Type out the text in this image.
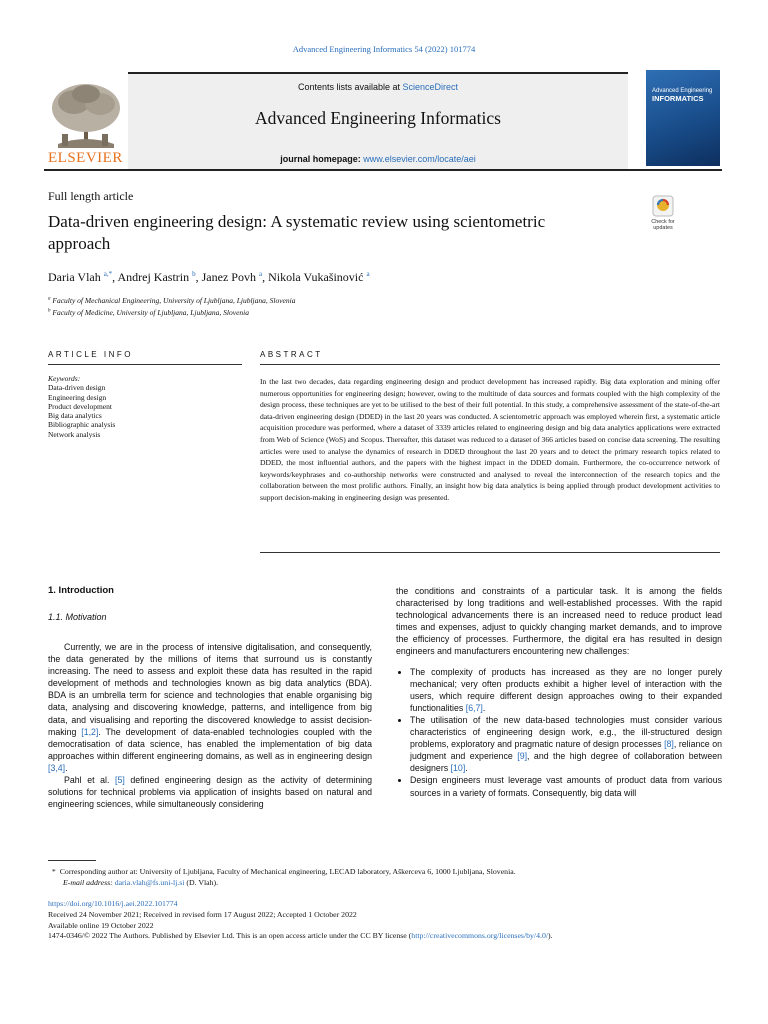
Advanced Engineering Informatics 54 (2022) 101774
ELSEVIER
Contents lists available at ScienceDirect
Advanced Engineering Informatics
journal homepage: www.elsevier.com/locate/aei
Advanced Engineering
INFORMATICS
Full length article
Data-driven engineering design: A systematic review using scientometric approach
Check for updates
Daria Vlah $^{a,*}$, Andrej Kastrin $^b$, Janez Povh $^a$, Nikola Vukašinović $^a$
$^a$ Faculty of Mechanical Engineering, University of Ljubljana, Ljubljana, Slovenia
$^b$ Faculty of Medicine, University of Ljubljana, Ljubljana, Slovenia
ARTICLE INFO
Keywords:
Data-driven design
Engineering design
Product development
Big data analytics
Bibliographic analysis
Network analysis
ABSTRACT
In the last two decades, data regarding engineering design and product development has increased rapidly. Big data exploration and mining offer numerous opportunities for engineering design; however, owing to the multitude of data sources and formats coupled with the high complexity of the design process, these techniques are yet to be utilised to the best of their full potential. In this study, a comprehensive assessment of the state-of-the-art data-driven engineering design (DDED) in the last 20 years was conducted. A scientometric approach was employed wherein first, a systematic article acquisition procedure was performed, where a dataset of 3339 articles related to engineering design and big data analytics applications were extracted from Web of Science (WoS) and Scopus. Thereafter, this dataset was reduced to a dataset of 366 articles based on concise data screening. The resulting articles were used to analyse the dynamics of research in DDED throughout the last 20 years and to detect the primary research topics related to DDED, the most influential authors, and the papers with the highest impact in the DDED domain. Furthermore, the co-occurrence network of keywords/keyphrases and co-authorship networks were constructed and analysed to reveal the interconnection of the research topics and the collaboration between the most prolific authors. Finally, an insight how big data analytics is being applied through product development activities to support decision-making in engineering design was presented.
1. Introduction
1.1. Motivation

Currently, we are in the process of intensive digitalisation, and consequently, the data generated by the millions of items that surround us is constantly increasing. The need to assess and exploit these data has resulted in the rapid development of methods and technologies known as big data analytics (BDA). BDA is an umbrella term for science and technologies that enable organising big data, analysing and discovering knowledge, patterns, and intelligence from big data, and visualising and reporting the discovered knowledge to assist decision-making [1,2]. The development of data-enabled technologies coupled with the democratisation of data science, has enabled the implementation of big data approaches within different engineering domains, as well as in engineering design [3,4].

Pahl et al. [5] defined engineering design as the activity of determining solutions for technical problems via application of insights based on natural and engineering sciences, while simultaneously considering

the conditions and constraints of a particular task. It is among the fields characterised by long traditions and well-established processes. With the rapid technological advancements there is an increased need to reduce product lead times and expenses, adjust to quickly changing market demands, and to improve the efficiency of processes. Furthermore, the digital era has resulted in design engineers and manufacturers encountering new challenges:

• The complexity of products has increased as they are no longer purely mechanical; very often products exhibit a higher level of interaction with the users, which require different design approaches owing to their expanded functionalities [6,7].
• The utilisation of the new data-based technologies must consider various characteristics of engineering design work, e.g., the ill-structured design problems, exploratory and pragmatic nature of design processes [8], reliance on judgment and experience [9], and the high degree of collaboration between designers [10].
• Design engineers must leverage vast amounts of product data from various sources in a variety of formats. Consequently, big data will
* Corresponding author at: University of Ljubljana, Faculty of Mechanical engineering, LECAD laboratory, Aškerceva 6, 1000 Ljubljana, Slovenia.
E-mail address: daria.vlah@fs.uni-lj.si (D. Vlah).
https://doi.org/10.1016/j.aei.2022.101774
Received 24 November 2021; Received in revised form 17 August 2022; Accepted 1 October 2022
Available online 19 October 2022
1474-0346/© 2022 The Authors. Published by Elsevier Ltd. This is an open access article under the CC BY license (http://creativecommons.org/licenses/by/4.0/).
